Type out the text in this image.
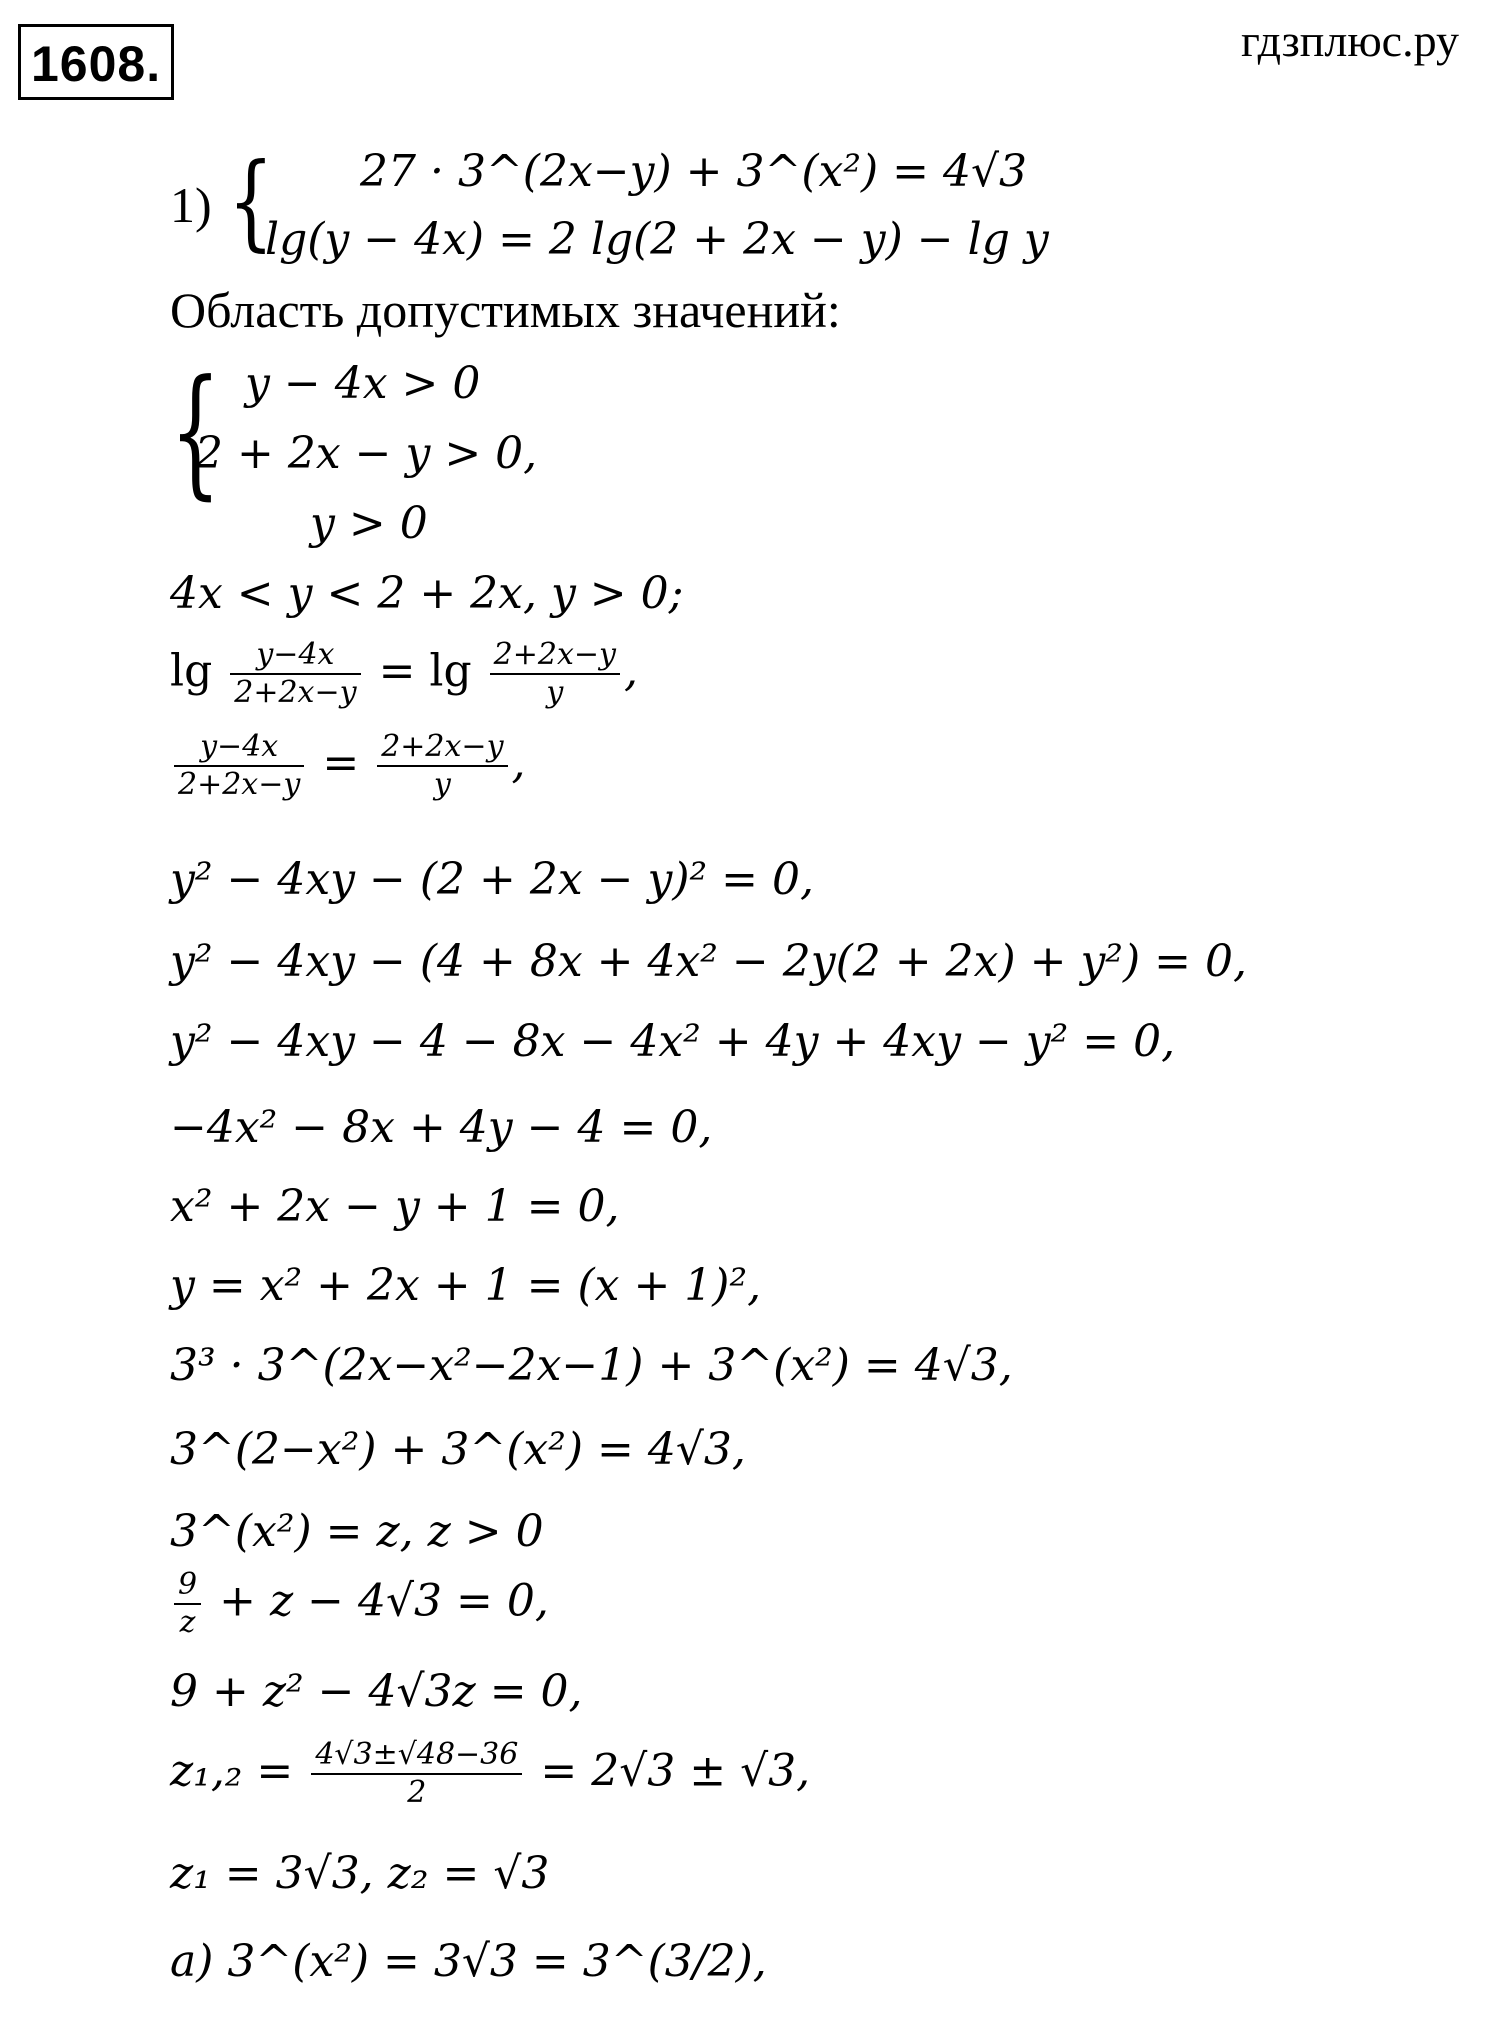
1608.	гдзплюс.ру
1) { 27 · 3^(2x−y) + 3^(x²) = 4√3
lg(y − 4x) = 2 lg(2 + 2x − y) − lg y
Область допустимых значений:
{ y − 4x > 0
2 + 2x − y > 0,
y > 0
4x < y < 2 + 2x, y > 0;
$\lg \frac{y-4x}{2+2x-y} = \lg \frac{2+2x-y}{y}$ ,
$\frac{y-4x}{2+2x-y} = \frac{2+2x-y}{y}$ ,
y² − 4xy − (2 + 2x − y)² = 0,
y² − 4xy − (4 + 8x + 4x² − 2y(2 + 2x) + y²) = 0,
y² − 4xy − 4 − 8x − 4x² + 4y + 4xy − y² = 0,
−4x² − 8x + 4y − 4 = 0,
x² + 2x − y + 1 = 0,
y = x² + 2x + 1 = (x + 1)²,
3³ · 3^(2x−x²−2x−1) + 3^(x²) = 4√3,
3^(2−x²) + 3^(x²) = 4√3,
3^(x²) = z, z > 0
$\frac{9}{z} + z - 4√3 = 0$,
9 + z² − 4√3z = 0,
$z_1,_2 = \frac{4√3\pm√48-36}{2} = 2√3 \pm √3$,
z₁ = 3√3, z₂ = √3
а) 3^(x²) = 3√3 = 3^(3/2),
